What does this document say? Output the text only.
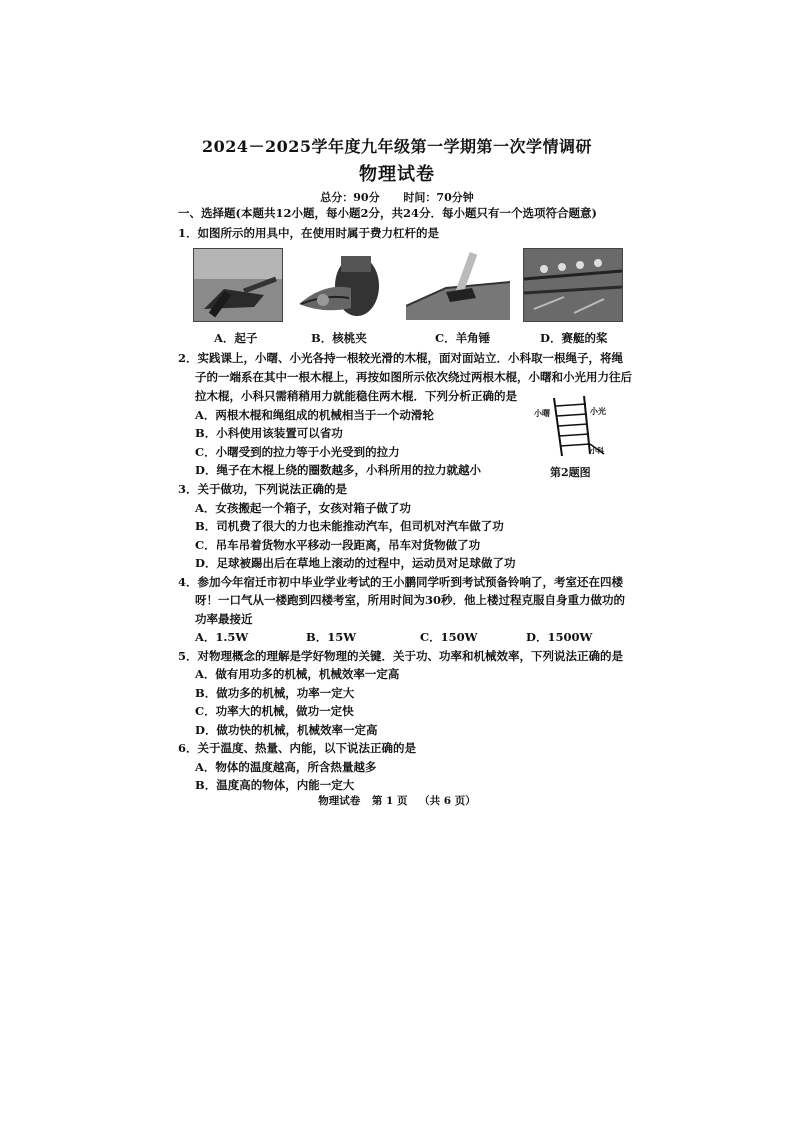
2024－2025学年度九年级第一学期第一次学情调研
物理试卷
总分：90分 时间：70分钟
一、选择题(本题共12小题，每小题2分，共24分．每小题只有一个选项符合题意)
1．如图所示的用具中，在使用时属于费力杠杆的是
A．起子	B．核桃夹	C．羊角锤	D．赛艇的桨
2．实践课上，小曙、小光各持一根较光滑的木棍，面对面站立．小科取一根绳子，将绳
子的一端系在其中一根木棍上，再按如图所示依次绕过两根木棍，小曙和小光用力往后
拉木棍，小科只需稍稍用力就能稳住两木棍．下列分析正确的是
A．两根木棍和绳组成的机械相当于一个动滑轮
B．小科使用该装置可以省功
C．小曙受到的拉力等于小光受到的拉力
D．绳子在木棍上绕的圈数越多，小科所用的拉力就越小
小曙	小光
小科
第2题图
3．关于做功，下列说法正确的是
A．女孩搬起一个箱子，女孩对箱子做了功
B．司机费了很大的力也未能推动汽车，但司机对汽车做了功
C．吊车吊着货物水平移动一段距离，吊车对货物做了功
D．足球被踢出后在草地上滚动的过程中，运动员对足球做了功
4．参加今年宿迁市初中毕业学业考试的王小鹏同学听到考试预备铃响了，考室还在四楼
呀！一口气从一楼跑到四楼考室，所用时间为30秒．他上楼过程克服自身重力做功的
功率最接近
A．1.5W	B．15W	C．150W	D．1500W
5．对物理概念的理解是学好物理的关键．关于功、功率和机械效率，下列说法正确的是
A．做有用功多的机械，机械效率一定高
B．做功多的机械，功率一定大
C．功率大的机械，做功一定快
D．做功快的机械，机械效率一定高
6．关于温度、热量、内能，以下说法正确的是
A．物体的温度越高，所含热量越多
B．温度高的物体，内能一定大
物理试卷 第 1 页 （共 6 页）
